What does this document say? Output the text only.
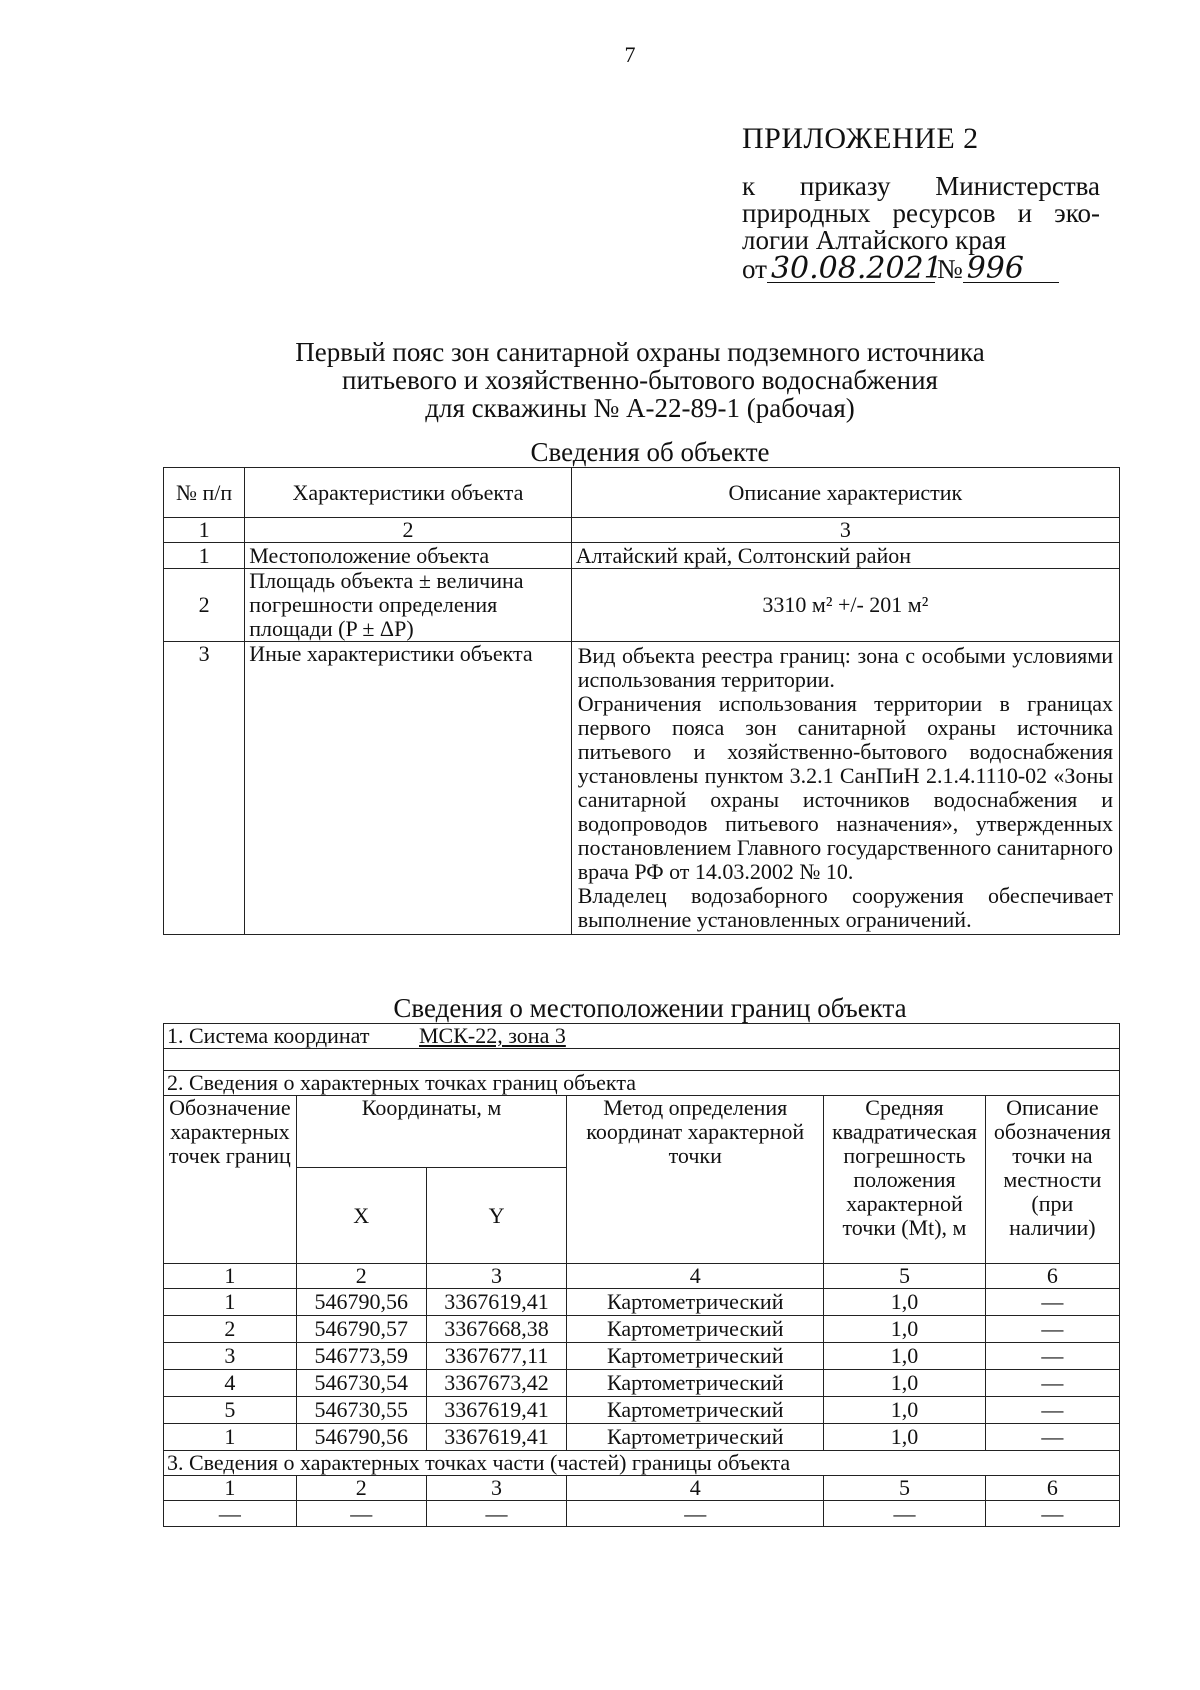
7
ПРИЛОЖЕНИЕ 2
к приказу Министерства
природных ресурсов и эко-
логии Алтайского края
от 30.08.2021
№ 996
Первый пояс зон санитарной охраны подземного источника
питьевого и хозяйственно-бытового водоснабжения
для скважины № А-22-89-1 (рабочая)
Сведения об объекте
№ п/п	Характеристики объекта	Описание характеристик
1	2	3
1	Местоположение объекта	Алтайский край, Солтонский район
2	Площадь объекта ± величина погрешности определения площади (P ± ΔP)	3310 м² +/- 201 м²
3	Иные характеристики объекта	Вид объекта реестра границ: зона с особыми условиями использования территории.

Ограничения использования территории в границах первого пояса зон санитарной охраны источника питьевого и хозяйственно-бытового водоснабжения установлены пунктом 3.2.1 СанПиН 2.1.4.1110-02 «Зоны санитарной охраны источников водоснабжения и водопроводов питьевого назначения», утвержденных постановлением Главного государственного санитарного врача РФ от 14.03.2002 № 10.

Владелец водозаборного сооружения обеспечивает выполнение установленных ограничений.

Сведения о местоположении границ объекта
1. Система координат МСК-22, зона 3					

2. Сведения о характерных точках границ объекта					
Обозначение характерных точек границ	Координаты, м		Метод определения координат характерной точки	Средняя квадратическая погрешность положения характерной точки (Mt), м	Описание обозначения точки на местности (при наличии)
	X	Y			
1	2	3	4	5	6
1	546790,56	3367619,41	Картометрический	1,0	—
2	546790,57	3367668,38	Картометрический	1,0	—
3	546773,59	3367677,11	Картометрический	1,0	—
4	546730,54	3367673,42	Картометрический	1,0	—
5	546730,55	3367619,41	Картометрический	1,0	—
1	546790,56	3367619,41	Картометрический	1,0	—
3. Сведения о характерных точках части (частей) границы объекта					
1	2	3	4	5	6
—	—	—	—	—	—
